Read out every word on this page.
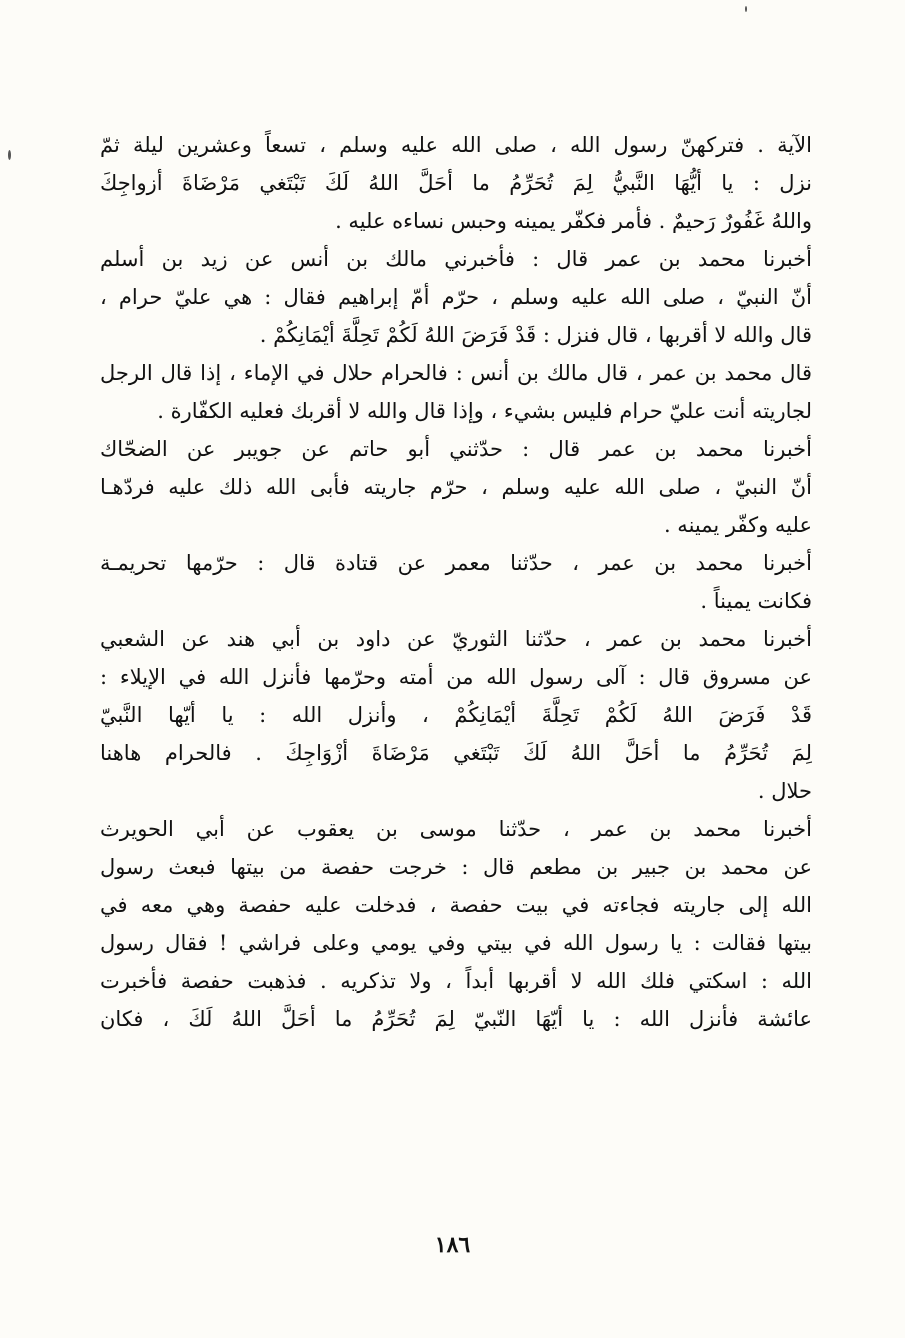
الآية . فتركهنّ رسول الله ، صلى الله عليه وسلم ، تسعاً وعشرين ليلة ثمّ
نزل : يا أيُّهَا النَّبيُّ لِمَ تُحَرِّمُ ما أحَلَّ اللهُ لَكَ تَبْتَغي مَرْضَاةَ أزواجِكَ
واللهُ غَفُورٌ رَحيمٌ . فأمر فكفّر يمينه وحبس نساءه عليه .
أخبرنا محمد بن عمر قال : فأخبرني مالك بن أنس عن زيد بن أسلم
أنّ النبيّ ، صلى الله عليه وسلم ، حرّم أمّ إبراهيم فقال : هي عليّ حرام ،
قال والله لا أقربها ، قال فنزل : قَدْ فَرَضَ اللهُ لَكُمْ تَحِلَّةَ أيْمَانِكُمْ .
قال محمد بن عمر ، قال مالك بن أنس : فالحرام حلال في الإماء ، إذا قال الرجل
لجاريته أنت عليّ حرام فليس بشيء ، وإذا قال والله لا أقربك فعليه الكفّارة .
أخبرنا محمد بن عمر قال : حدّثني أبو حاتم عن جويبر عن الضحّاك
أنّ النبيّ ، صلى الله عليه وسلم ، حرّم جاريته فأبى الله ذلك عليه فردّهـا
عليه وكفّر يمينه .
أخبرنا محمد بن عمر ، حدّثنا معمر عن قتادة قال : حرّمها تحريمـة
فكانت يميناً .
أخبرنا محمد بن عمر ، حدّثنا الثوريّ عن داود بن أبي هند عن الشعبي
عن مسروق قال : آلى رسول الله من أمته وحرّمها فأنزل الله في الإيلاء :
قَدْ فَرَضَ اللهُ لَكُمْ تَحِلَّةَ أيْمَانِكُمْ ، وأنزل الله : يا أيّها النَّبيّ
لِمَ تُحَرِّمُ ما أحَلَّ اللهُ لَكَ تَبْتَغي مَرْضَاةَ أزْوَاجِكَ . فالحرام هاهنا
حلال .
أخبرنا محمد بن عمر ، حدّثنا موسى بن يعقوب عن أبي الحويرث
عن محمد بن جبير بن مطعم قال : خرجت حفصة من بيتها فبعث رسول
الله إلى جاريته فجاءته في بيت حفصة ، فدخلت عليه حفصة وهي معه في
بيتها فقالت : يا رسول الله في بيتي وفي يومي وعلى فراشي ! فقال رسول
الله : اسكتي فلك الله لا أقربها أبداً ، ولا تذكريه . فذهبت حفصة فأخبرت
عائشة فأنزل الله : يا أيّهَا النّبيّ لِمَ تُحَرِّمُ ما أحَلَّ اللهُ لَكَ ، فكان
١٨٦
